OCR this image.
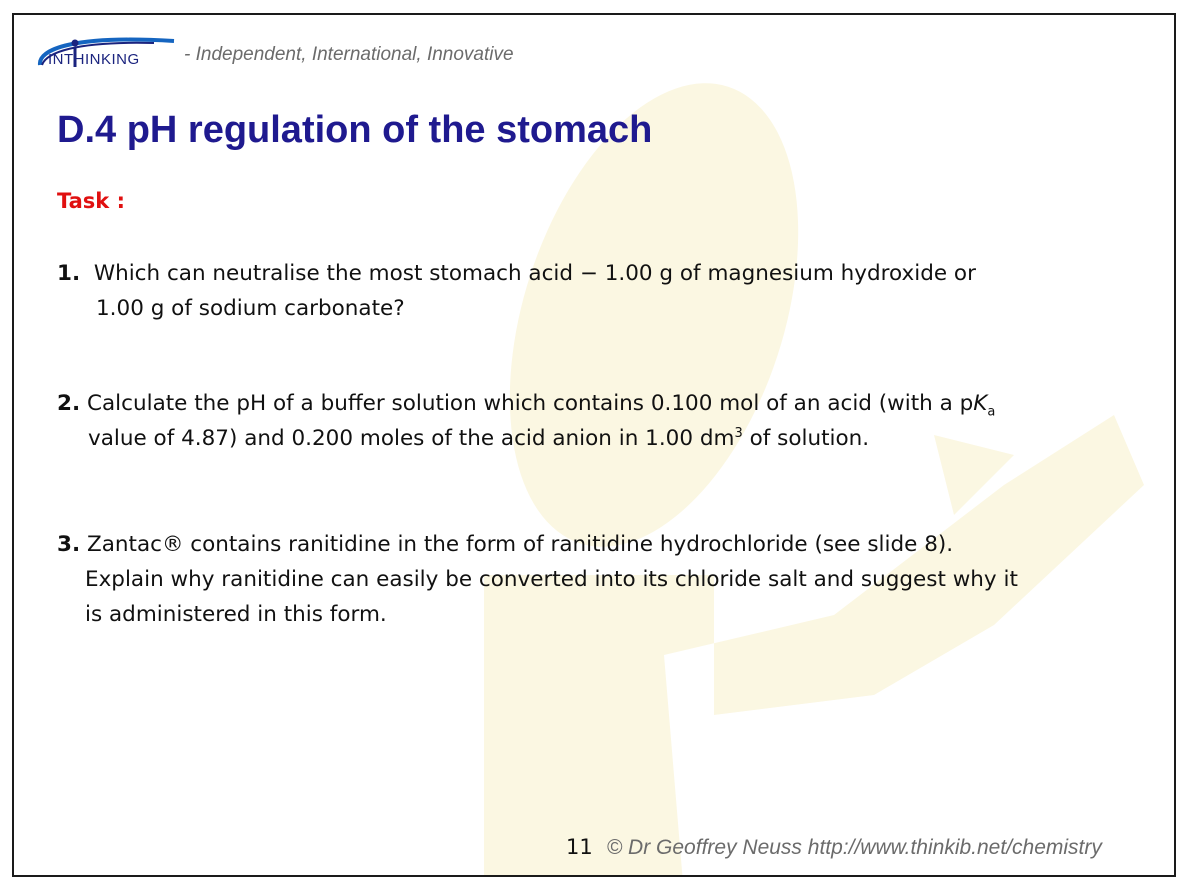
INTHINKING - Independent, International, Innovative
D.4 pH regulation of the stomach
Task :
1. Which can neutralise the most stomach acid − 1.00 g of magnesium hydroxide or
1.00 g of sodium carbonate?
2. Calculate the pH of a buffer solution which contains 0.100 mol of an acid (with a $pK_a$
value of 4.87) and 0.200 moles of the acid anion in 1.00 $dm^3$ of solution.
3. Zantac® contains ranitidine in the form of ranitidine hydrochloride (see slide 8).
Explain why ranitidine can easily be converted into its chloride salt and suggest why it
is administered in this form.
11 © Dr Geoffrey Neuss http://www.thinkib.net/chemistry
